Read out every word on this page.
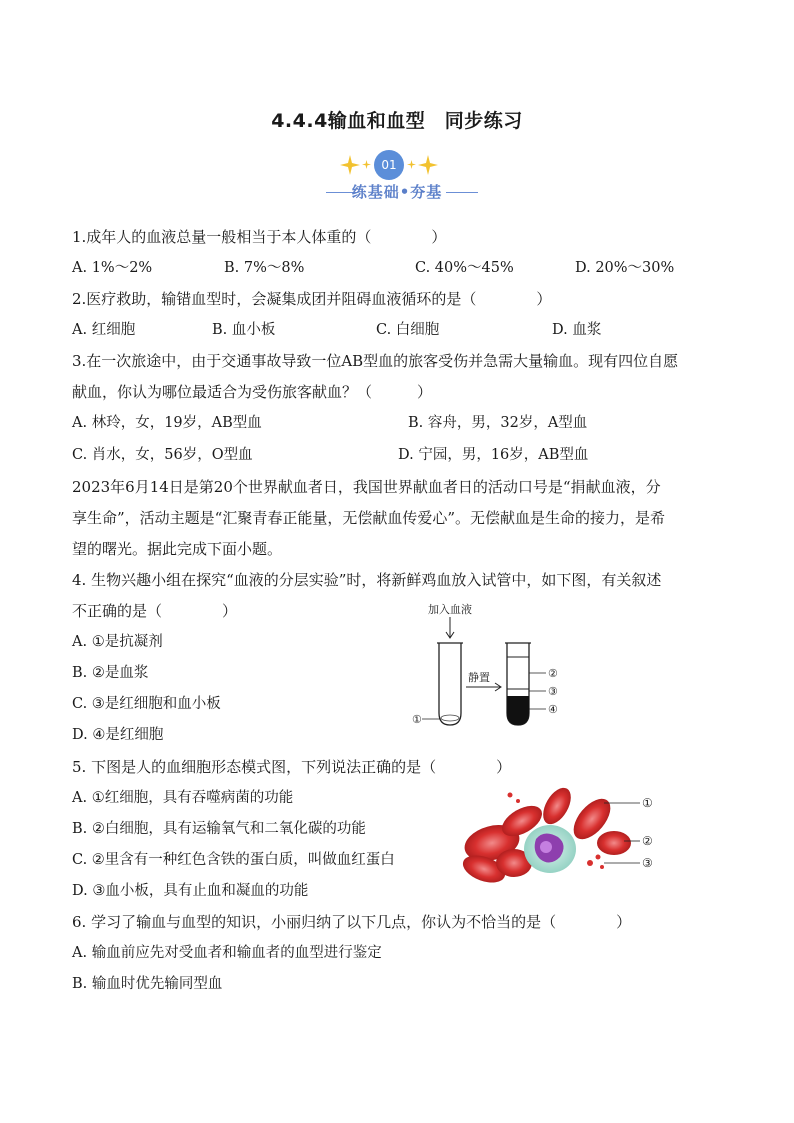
4.4.4输血和血型　同步练习
01
练基础•夯基
1.成年人的血液总量一般相当于本人体重的（　　　　）
A. 1%～2%	B. 7%～8%	C. 40%～45%	D. 20%～30%
2.医疗救助，输错血型时，会凝集成团并阻碍血液循环的是（　　　　）
A. 红细胞	B. 血小板	C. 白细胞	D. 血浆
3.在一次旅途中，由于交通事故导致一位AB型血的旅客受伤并急需大量输血。现有四位自愿
献血，你认为哪位最适合为受伤旅客献血？（　　　）
A. 林玲，女，19岁，AB型血	B. 容舟，男，32岁，A型血
C. 肖水，女，56岁，O型血	D. 宁园，男，16岁，AB型血
2023年6月14日是第20个世界献血者日，我国世界献血者日的活动口号是“捐献血液，分
享生命”，活动主题是“汇聚青春正能量，无偿献血传爱心”。无偿献血是生命的接力，是希
望的曙光。据此完成下面小题。
4. 生物兴趣小组在探究“血液的分层实验”时，将新鲜鸡血放入试管中，如下图，有关叙述
不正确的是（　　　　）
A. ①是抗凝剂
B. ②是血浆
C. ③是红细胞和血小板
D. ④是红细胞
加入血液
①
静置	②
③
④
5. 下图是人的血细胞形态模式图，下列说法正确的是（　　　　）
A. ①红细胞，具有吞噬病菌的功能
B. ②白细胞，具有运输氧气和二氧化碳的功能
C. ②里含有一种红色含铁的蛋白质，叫做血红蛋白
D. ③血小板，具有止血和凝血的功能
①
②
③
6. 学习了输血与血型的知识，小丽归纳了以下几点，你认为不恰当的是（　　　　）
A. 输血前应先对受血者和输血者的血型进行鉴定
B. 输血时优先输同型血
